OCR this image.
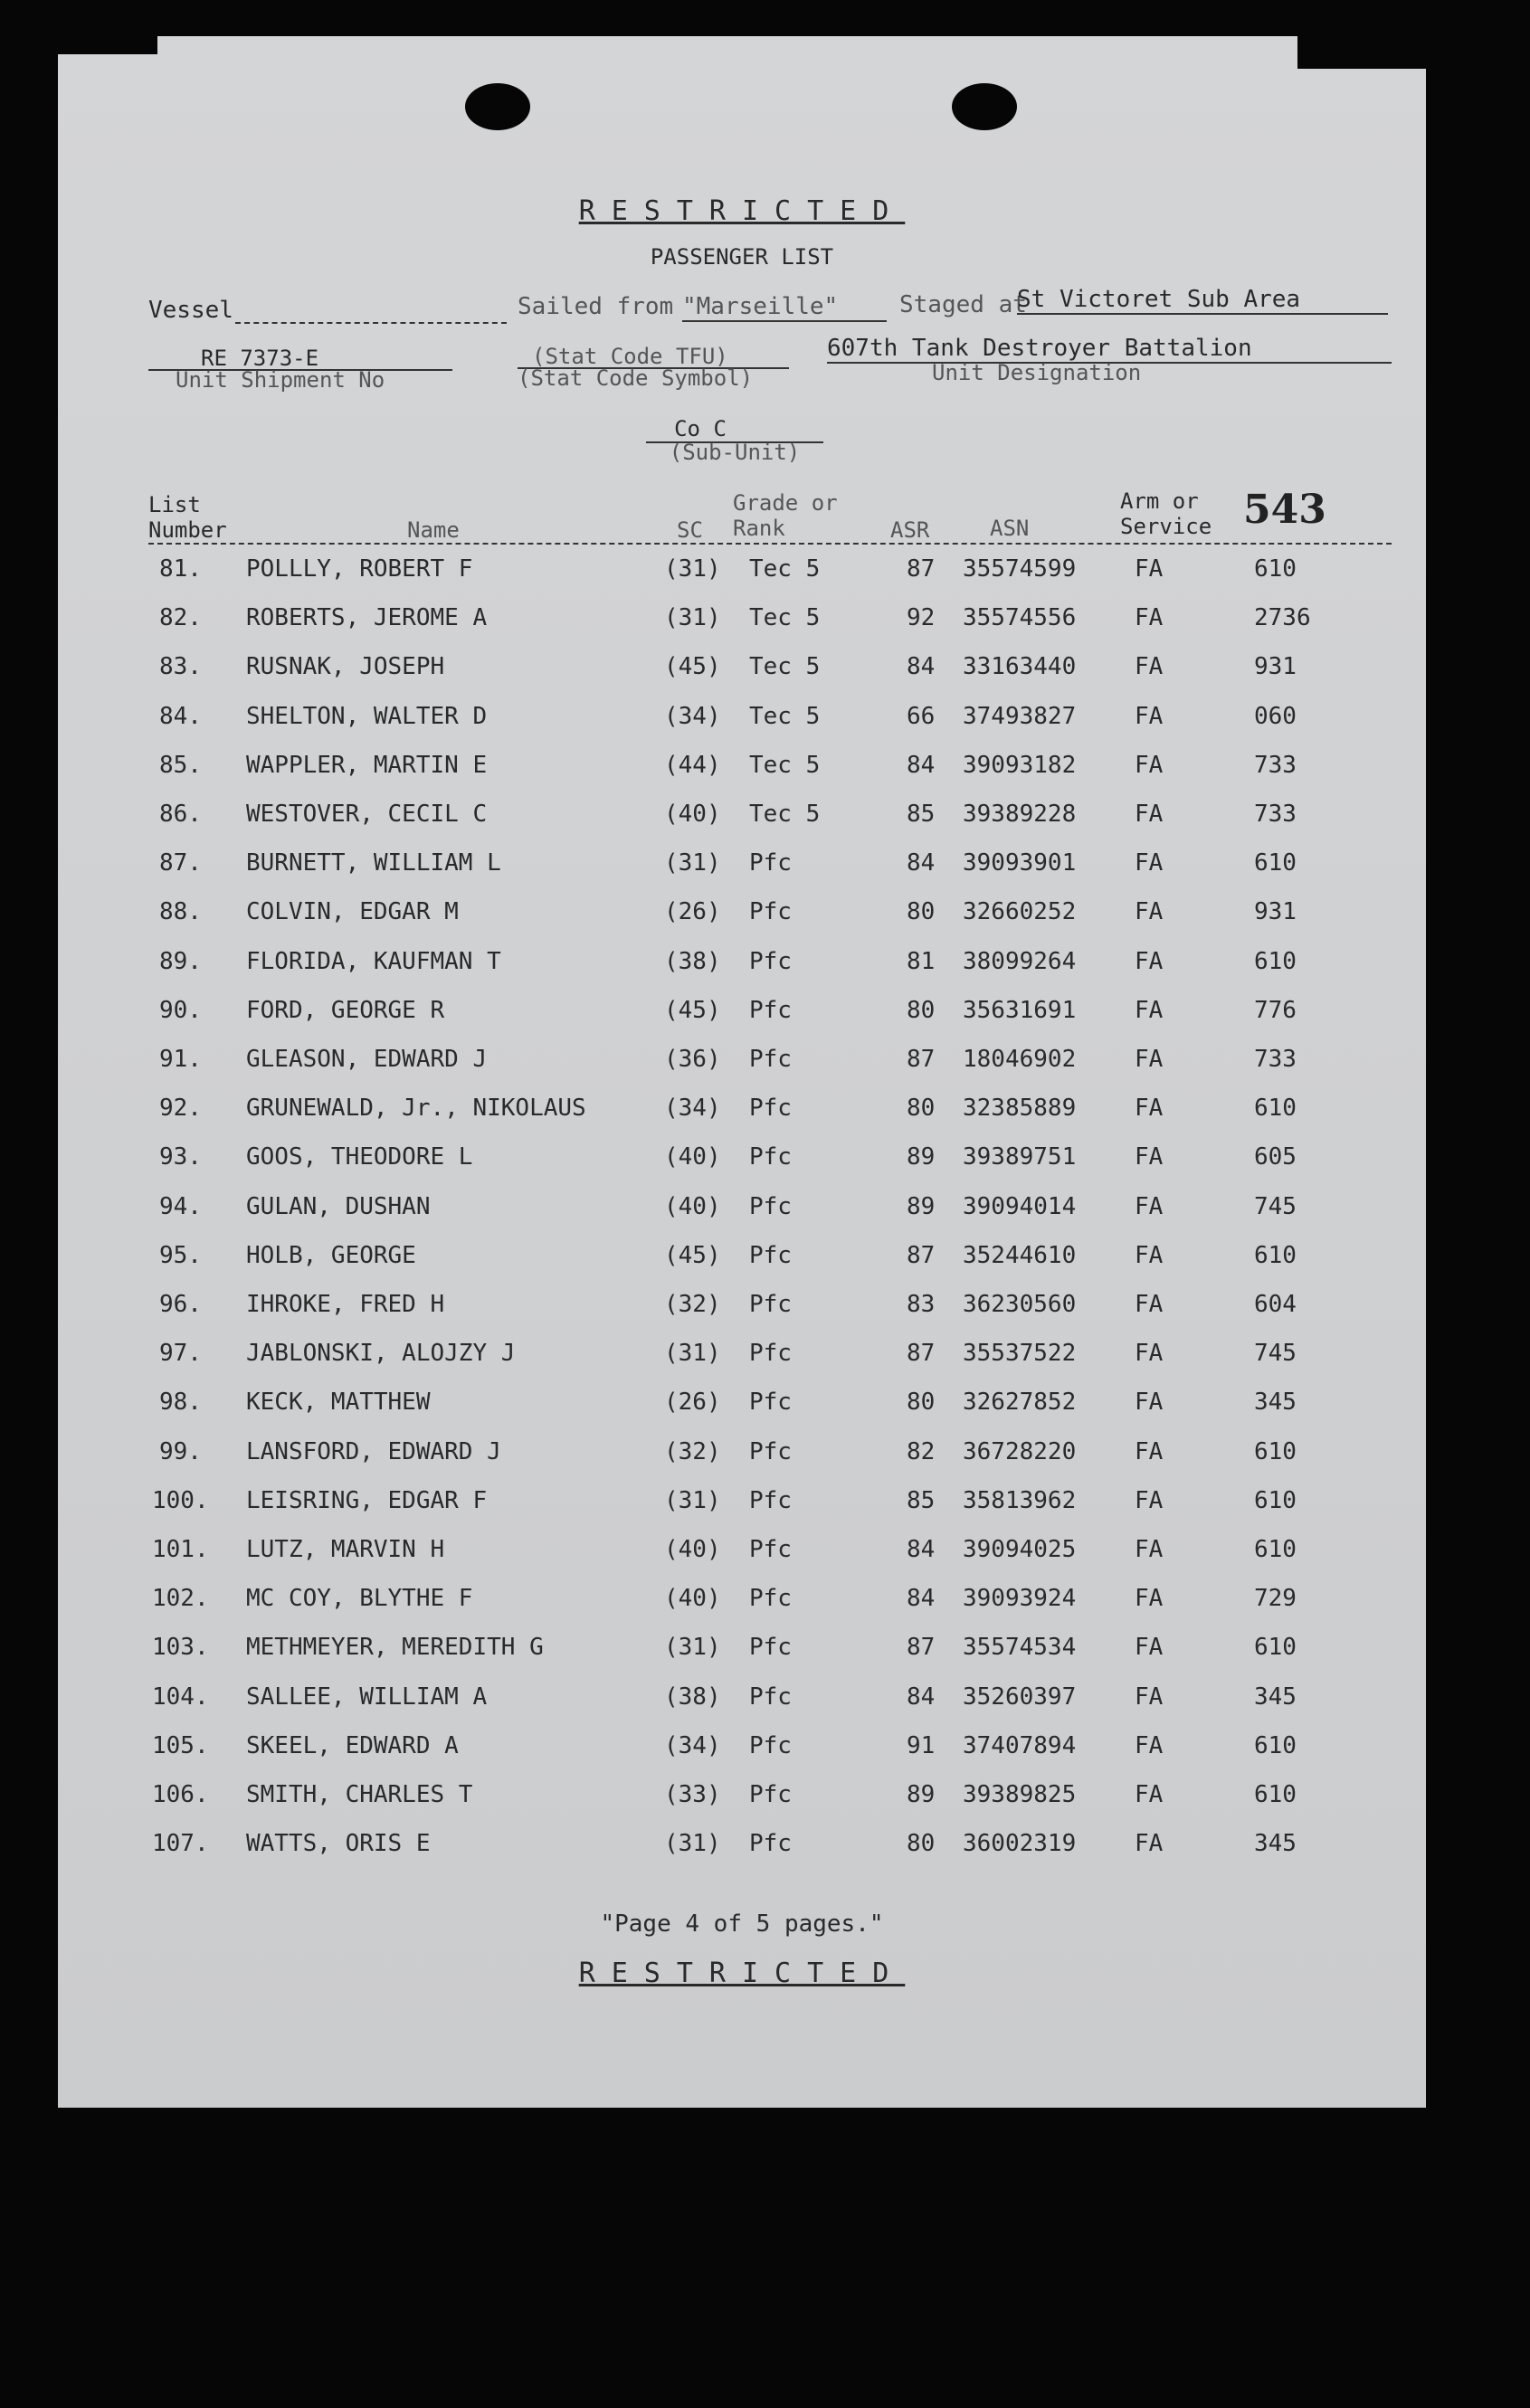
RESTRICTED
PASSENGER LIST
Vessel	Sailed from "Marseille"	Staged at
St Victoret Sub Area
RE 7373-E
Unit Shipment No
(Stat Code TFU)
(Stat Code Symbol)
607th Tank Destroyer Battalion
Unit Designation
Co C
(Sub-Unit)
List
Number	Name	SC
Grade or
Rank	ASR	ASN
Arm or
Service 543
81. POLLLY, ROBERT F	(31) Tec 5	87 35574599 FA	610
82. ROBERTS, JEROME A	(31) Tec 5	92 35574556 FA	2736
83. RUSNAK, JOSEPH	(45) Tec 5	84 33163440 FA	931
84. SHELTON, WALTER D	(34) Tec 5	66 37493827 FA	060
85. WAPPLER, MARTIN E	(44) Tec 5	84 39093182 FA	733
86. WESTOVER, CECIL C	(40) Tec 5	85 39389228 FA	733
87. BURNETT, WILLIAM L	(31) Pfc	84 39093901 FA	610
88. COLVIN, EDGAR M	(26) Pfc	80 32660252 FA	931
89. FLORIDA, KAUFMAN T	(38) Pfc	81 38099264 FA	610
90. FORD, GEORGE R	(45) Pfc	80 35631691 FA	776
91. GLEASON, EDWARD J	(36) Pfc	87 18046902 FA	733
92. GRUNEWALD, Jr., NIKOLAUS	(34) Pfc	80 32385889 FA	610
93. GOOS, THEODORE L	(40) Pfc	89 39389751 FA	605
94. GULAN, DUSHAN	(40) Pfc	89 39094014 FA	745
95. HOLB, GEORGE	(45) Pfc	87 35244610 FA	610
96. IHROKE, FRED H	(32) Pfc	83 36230560 FA	604
97. JABLONSKI, ALOJZY J	(31) Pfc	87 35537522 FA	745
98. KECK, MATTHEW	(26) Pfc	80 32627852 FA	345
99. LANSFORD, EDWARD J	(32) Pfc	82 36728220 FA	610
100. LEISRING, EDGAR F	(31) Pfc	85 35813962 FA	610
101. LUTZ, MARVIN H	(40) Pfc	84 39094025 FA	610
102. MC COY, BLYTHE F	(40) Pfc	84 39093924 FA	729
103. METHMEYER, MEREDITH G	(31) Pfc	87 35574534 FA	610
104. SALLEE, WILLIAM A	(38) Pfc	84 35260397 FA	345
105. SKEEL, EDWARD A	(34) Pfc	91 37407894 FA	610
106. SMITH, CHARLES T	(33) Pfc	89 39389825 FA	610
107. WATTS, ORIS E	(31) Pfc	80 36002319 FA	345
"Page 4 of 5 pages."
RESTRICTED
